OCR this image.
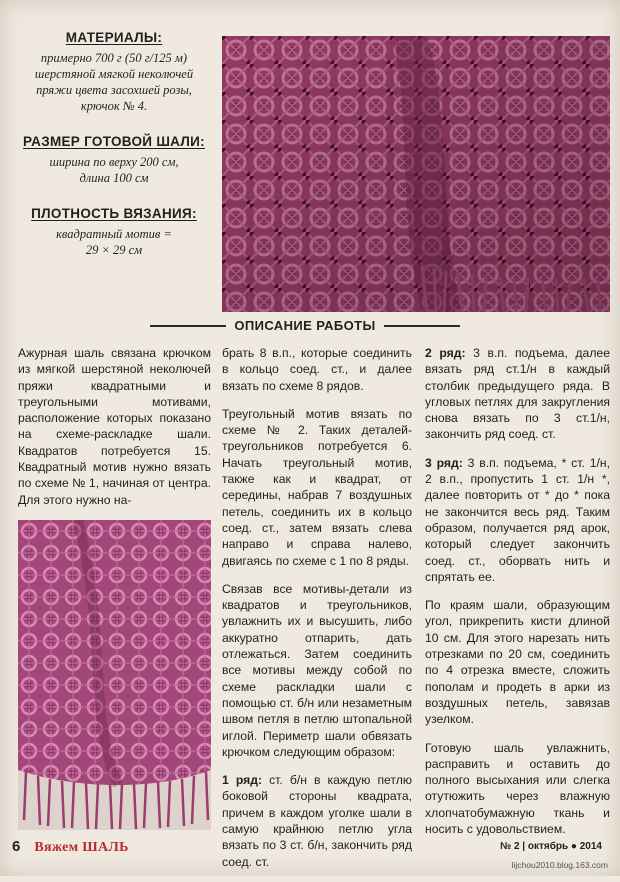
МАТЕРИАЛЫ:
примерно 700 г (50 г/125 м)
шерстяной мягкой неколючей
пряжи цвета засохшей розы,
крючок № 4.
РАЗМЕР ГОТОВОЙ ШАЛИ:
ширина по верху 200 см,
длина 100 см
ПЛОТНОСТЬ ВЯЗАНИЯ:
квадратный мотив =
29 × 29 см
ОПИСАНИЕ РАБОТЫ

Ажурная шаль связана крючком из мягкой шерстяной неколючей пряжи квадратными и треугольными мотивами, расположение которых показано на схеме-раскладке шали. Квадратов потребуется 15. Квадратный мотив нужно вязать по схеме № 1, начиная от центра. Для этого нужно на-

брать 8 в.п., которые соединить в кольцо соед. ст., и далее вязать по схеме 8 рядов.

Треугольный мотив вязать по схеме № 2. Таких деталей-треугольников потребуется 6. Начать треугольный мотив, также как и квадрат, от середины, набрав 7 воздушных петель, соединить их в кольцо соед. ст., затем вязать слева направо и справа налево, двигаясь по схеме с 1 по 8 ряды.

Связав все мотивы-детали из квадратов и треугольников, увлажнить их и высушить, либо аккуратно отпарить, дать отлежаться. Затем соединить все мотивы между собой по схеме раскладки шали с помощью ст. б/н или незаметным швом петля в петлю штопальной иглой. Периметр шали обвязать крючком следующим образом:

1 ряд: ст. б/н в каждую петлю боковой стороны квадрата, причем в каждом уголке шали в самую крайнюю петлю угла вязать по 3 ст. б/н, закончить ряд соед. ст.

2 ряд: 3 в.п. подъема, далее вязать ряд ст.1/н в каждый столбик предыдущего ряда. В угловых петлях для закругления снова вязать по 3 ст.1/н, закончить ряд соед. ст.

3 ряд: 3 в.п. подъема, * ст. 1/н, 2 в.п., пропустить 1 ст. 1/н *, далее повторить от * до * пока не закончится весь ряд. Таким образом, получается ряд арок, который следует закончить соед. ст., оборвать нить и спрятать ее.

По краям шали, образующим угол, прикрепить кисти длиной 10 см. Для этого нарезать нить отрезками по 20 см, соединить по 4 отрезка вместе, сложить пополам и продеть в арки из воздушных петель, завязав узелком.

Готовую шаль увлажнить, расправить и оставить до полного высыхания или слегка отутюжить через влажную хлопчатобумажную ткань и носить с удовольствием.

6 Вяжем ШАЛЬ	№ 2 | октябрь ● 2014
lijchou2010.blog.163.com
